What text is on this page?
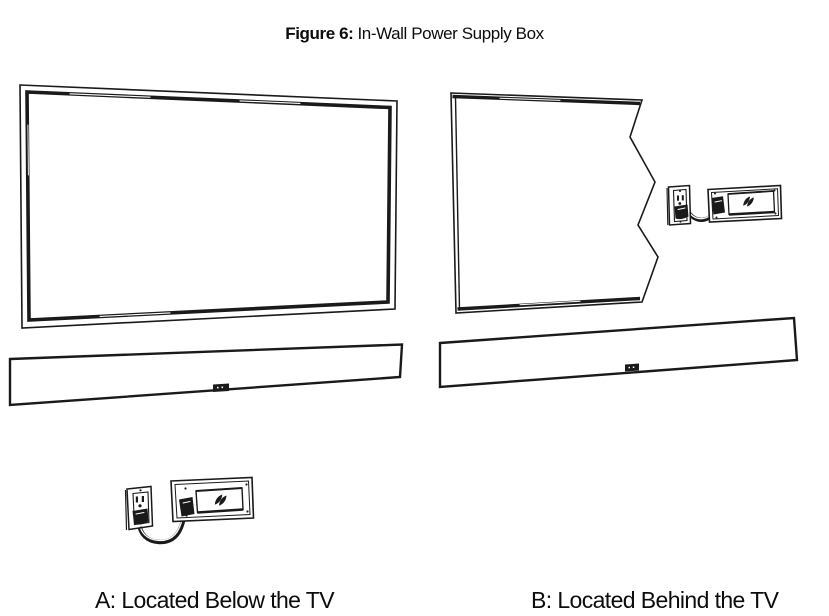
Figure 6: In-Wall Power Supply Box
A: Located Below the TV	B: Located Behind the TV
